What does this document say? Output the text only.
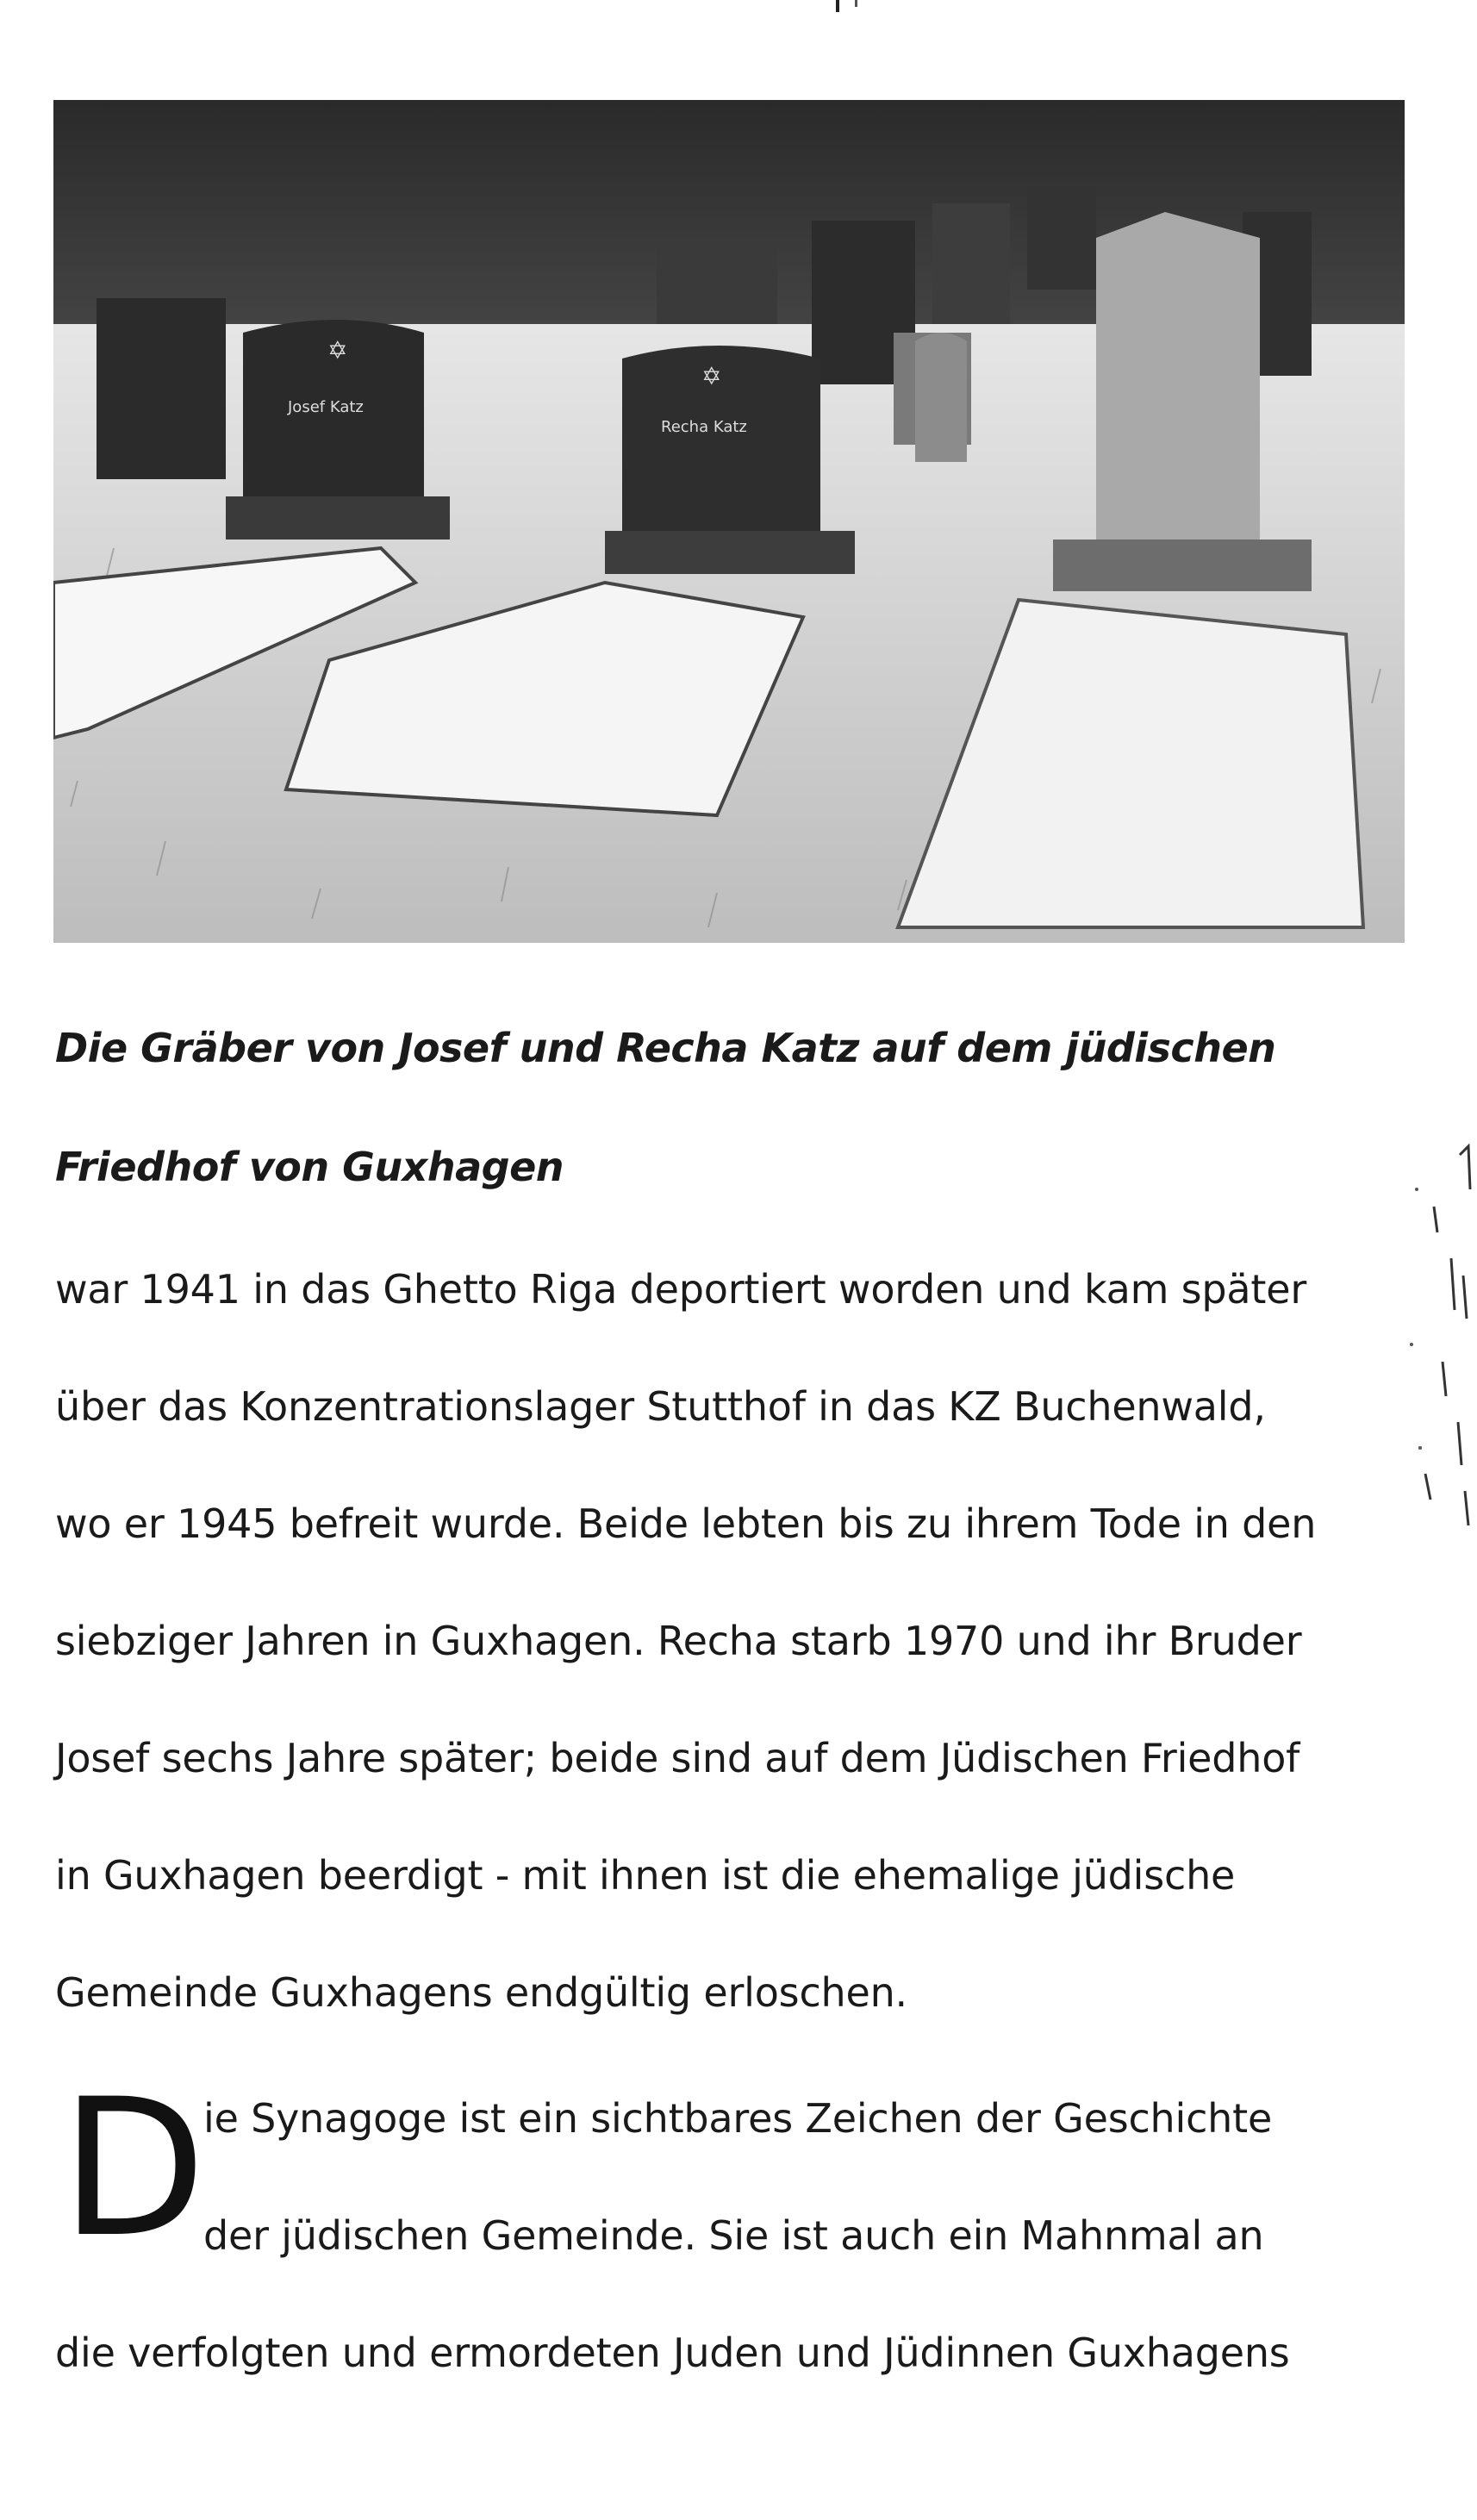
Josef Katz
✡
Recha Katz
✡
Die Gräber von Josef und Recha Katz auf dem jüdischen
Friedhof von Guxhagen
war 1941 in das Ghetto Riga deportiert worden und kam später
über das Konzentrationslager Stutthof in das KZ Buchenwald,
wo er 1945 befreit wurde. Beide lebten bis zu ihrem Tode in den
siebziger Jahren in Guxhagen. Recha starb 1970 und ihr Bruder
Josef sechs Jahre später; beide sind auf dem Jüdischen Friedhof
in Guxhagen beerdigt - mit ihnen ist die ehemalige jüdische
Gemeinde Guxhagens endgültig erloschen.
D
ie Synagoge ist ein sichtbares Zeichen der Geschichte
der jüdischen Gemeinde. Sie ist auch ein Mahnmal an
die verfolgten und ermordeten Juden und Jüdinnen Guxhagens
